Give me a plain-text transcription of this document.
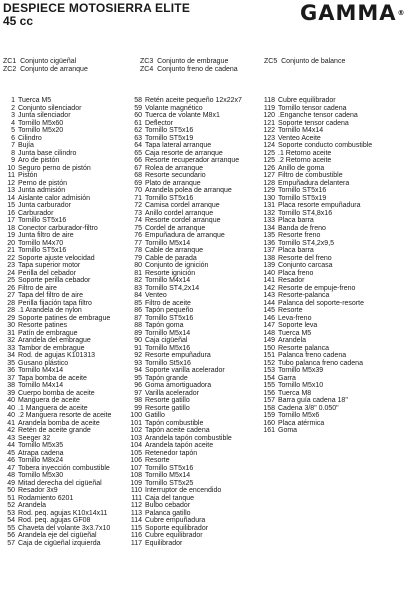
DESPIECE MOTOSIERRA ELITE
45 cc	GAMMA®
ZC1 Conjunto cigüeñal
ZC2 Conjunto de arranque
ZC3 Conjunto de embrague
ZC4 Conjunto freno de cadena
ZC5 Conjunto de balance
1 Tuerca M5
2 Conjunto silenciador
3 Junta silenciador
4 Tornillo M5x60
5 Tornillo M5x20
6 Cilindro
7 Bujía
8 Junta base cilindro
9 Aro de pistón
10 Seguro perno de pistón
11 Pistón
12 Perno de pistón
13 Junta admisión
14 Aislante calor admisión
15 Junta carburador
16 Carburador
17 Tornillo ST5x16
18 Conector carburador-filtro
19 Junta filtro de aire
20 Tornillo M4x70
21 Tornillo ST5x16
22 Soporte ajuste velocidad
23 Tapa superior motor
24 Perilla del cebador
25 Soporte perilla cebador
26 Filtro de aire
27 Tapa del filtro de aire
28 Perilla fijación tapa filtro
28 .1 Arandela de nylon
29 Soporte patines de embrague
30 Resorte patines
31 Patín de embrague
32 Arandela del embrague
33 Tambor de embrague
34 Rod. de agujas K101313
35 Gusano plástico
36 Tornillo M4x14
37 Tapa bomba de aceite
38 Tornillo M4x14
39 Cuerpo bomba de aceite
40 Manguera de aceite
40 .1 Manguera de aceite
40 .2 Manguera resorte de aceite
41 Arandela bomba de aceite
42 Retén de aceite grande
43 Seeger 32
44 Tornillo M5x35
45 Atrapa cadena
46 Tornillo M8x24
47 Tobera inyección combustible
48 Tornillo M5x30
49 Mitad derecha del cigüeñal
50 Resador 3x9
51 Rodamiento 6201
52 Arandela
53 Rod. peq. agujas K10x14x11
54 Rod. peq. agujas GF08
55 Chaveta del volante 3x3.7x10
56 Arandela eje del cigüeñal
57 Caja de cigüeñal izquierda
58 Retén aceite pequeño 12x22x7
59 Volante magnético
60 Tuerca de volante M8x1
61 Deflector
62 Tornillo ST5x16
63 Tornillo ST5x19
64 Tapa lateral arranque
65 Caja resorte de arranque
66 Resorte recuperador arranque
67 Rolea de arranque
68 Resorte secundario
69 Plato de arranque
70 Arandela polea de arranque
71 Tornillo ST5x16
72 Camisa cordel arranque
73 Anillo cordel arranque
74 Resorte cordel arranque
75 Cordel de arranque
76 Empuñadura de arranque
77 Tornillo M5x14
78 Cable de arranque
79 Cable de parada
80 Conjunto de ignición
81 Resorte ignición
82 Tornillo M4x14
83 Tornillo ST4,2x14
84 Venteo
85 Filtro de aceite
86 Tapón pequeño
87 Tornillo ST5x16
88 Tapón goma
89 Tornillo M5x14
90 Caja cigüeñal
91 Tornillo M5x16
92 Resorte empuñadura
93 Tornillo St5x16
94 Soporte varilla acelerador
95 Tapón grande
96 Goma amortiguadora
97 Varilla acelerador
98 Resorte gatillo
99 Resorte gatillo
100 Gatillo
101 Tapón combustible
102 Tapón aceite cadena
103 Arandela tapón combustible
104 Arandela tapón aceite
105 Retenedor tapón
106 Resorte
107 Tornillo ST5x16
108 Tornillo M5x14
109 Tornillo ST5x25
110 Interruptor de encendido
111 Caja del tanque
112 Bulbo cebador
113 Palanca gatillo
114 Cubre empuñadura
115 Soporte equilibrador
116 Cubre equilibrador
117 Equilibrador
118 Cubre equilibrador
119 Tornillo tensor cadena
120 .Enganche tensor cadena
121 Soporte tensor cadena
122 Tornillo M4x14
123 Venteo Aceite
124 Soporte conducto combustible
125 .1 Retorno aceite
125 .2 Retorno aceite
126 Anillo de goma
127 Filtro de combustible
128 Empuñadura delantera
129 Tornillo ST5x16
130 Tornillo ST5x19
131 Placa resorte empuñadura
132 Tornillo ST4,8x16
133 Placa barra
134 Banda de freno
135 Resorte freno
136 Tornillo ST4,2x9,5
137 Placa barra
138 Resorte del freno
139 Conjunto carcasa
140 Placa freno
141 Resador
142 Resorte de empuje-freno
143 Resorte-palanca
144 Palanca del soporte-resorte
145 Resorte
146 Leva-freno
147 Soporte leva
148 Tuerca M5
149 Arandela
150 Resorte palanca
151 Palanca freno cadena
152 Tubo palanca freno cadena
153 Tornillo M5x39
154 Garra
155 Tornillo M5x10
156 Tuerca M8
157 Barra guía cadena 18"
158 Cadena 3/8" 0.050"
159 Tornillo M5x6
160 Placa atérmica
161 Goma
